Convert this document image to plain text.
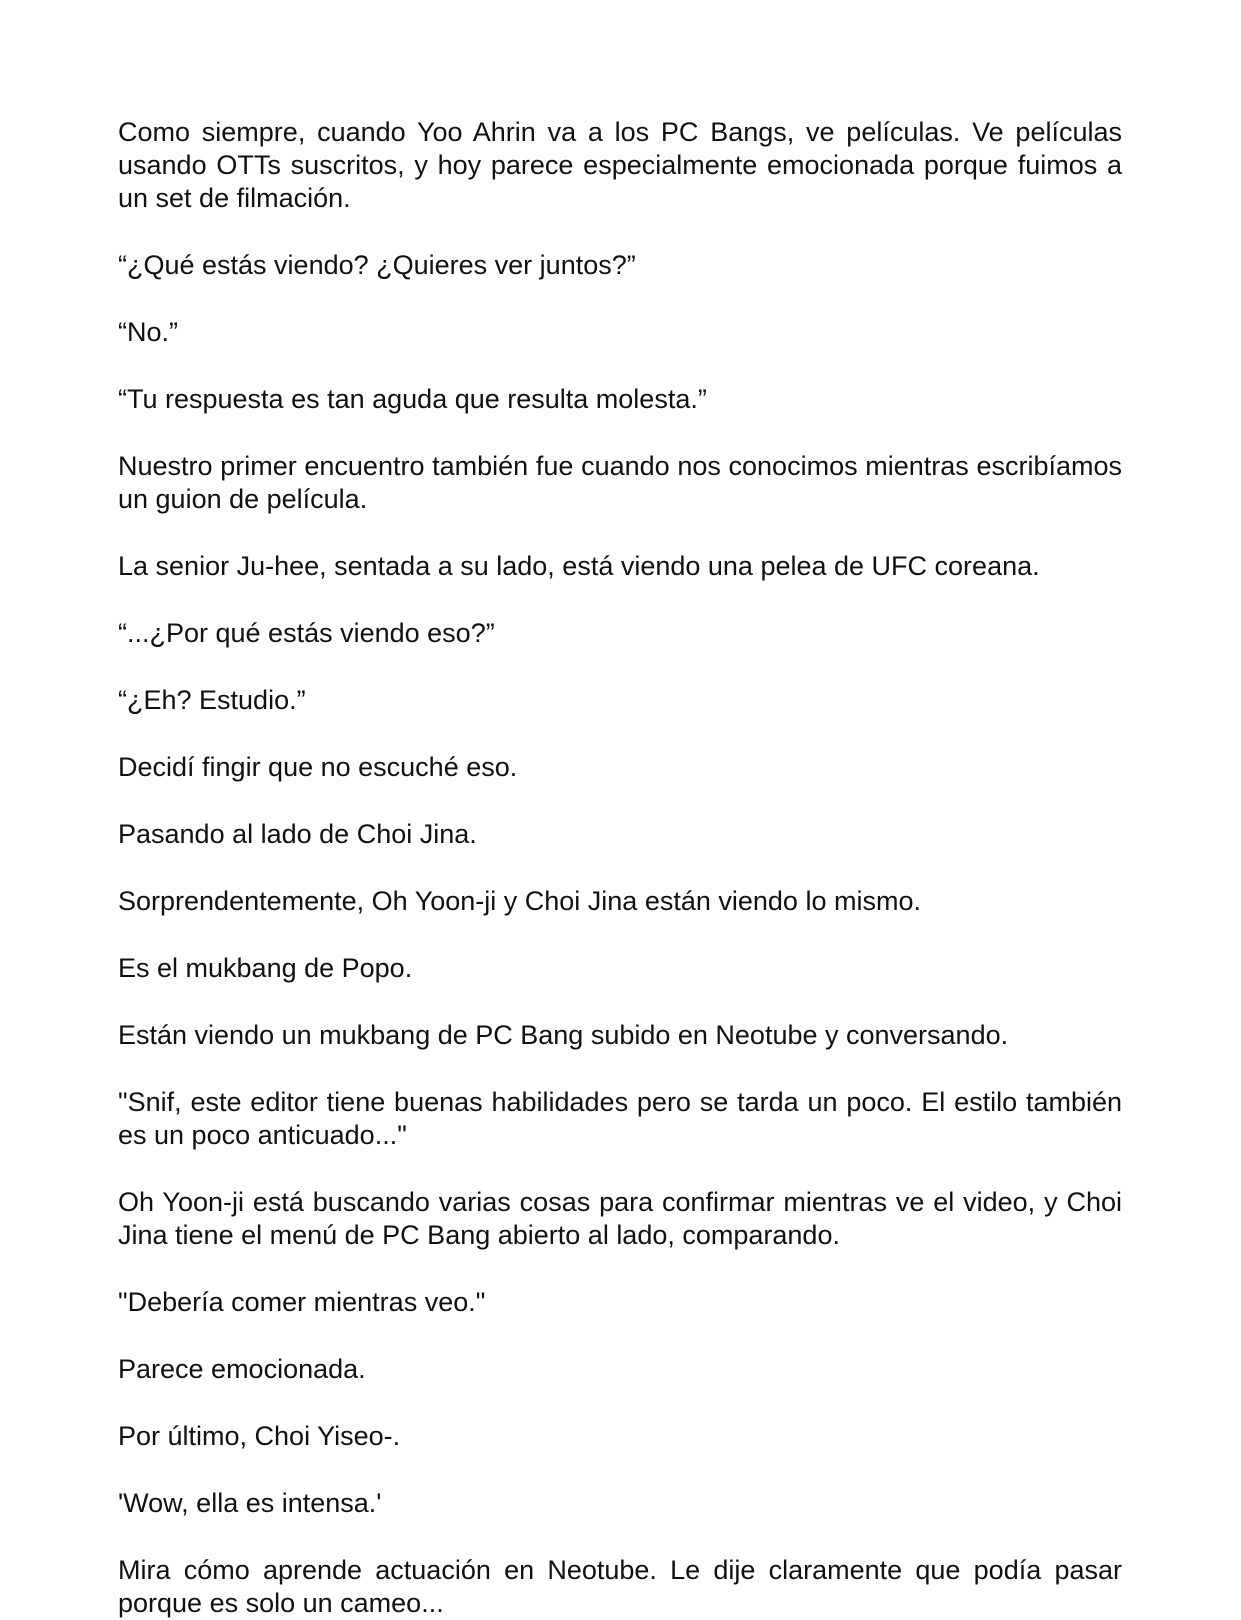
Como siempre, cuando Yoo Ahrin va a los PC Bangs, ve películas. Ve películas usando OTTs suscritos, y hoy parece especialmente emocionada porque fuimos a un set de filmación.

“¿Qué estás viendo? ¿Quieres ver juntos?”

“No.”

“Tu respuesta es tan aguda que resulta molesta.”

Nuestro primer encuentro también fue cuando nos conocimos mientras escribíamos un guion de película.

La senior Ju-hee, sentada a su lado, está viendo una pelea de UFC coreana.

“...¿Por qué estás viendo eso?”

“¿Eh? Estudio.”

Decidí fingir que no escuché eso.

Pasando al lado de Choi Jina.

Sorprendentemente, Oh Yoon-ji y Choi Jina están viendo lo mismo.

Es el mukbang de Popo.

Están viendo un mukbang de PC Bang subido en Neotube y conversando.

"Snif, este editor tiene buenas habilidades pero se tarda un poco. El estilo también es un poco anticuado..."

Oh Yoon-ji está buscando varias cosas para confirmar mientras ve el video, y Choi Jina tiene el menú de PC Bang abierto al lado, comparando.

"Debería comer mientras veo."

Parece emocionada.

Por último, Choi Yiseo-.

'Wow, ella es intensa.'

Mira cómo aprende actuación en Neotube. Le dije claramente que podía pasar porque es solo un cameo...
